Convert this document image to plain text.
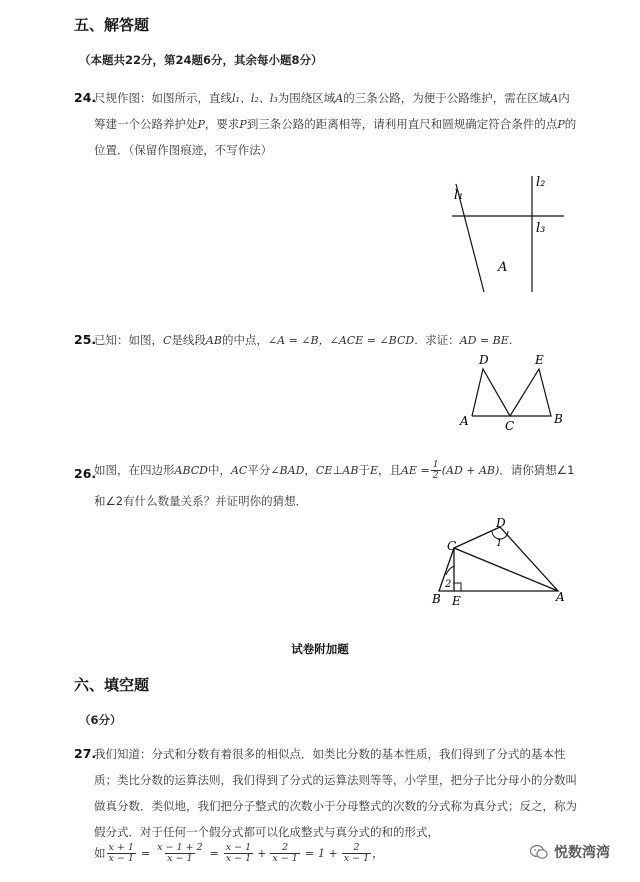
五、解答题
（本题共22分，第24题6分，其余每小题8分）
24.
尺规作图：如图所示，直线l₁、l₂、l₃为围绕区域A的三条公路，为便于公路维护，需在区域A内
筹建一个公路养护处P，要求P到三条公路的距离相等，请利用直尺和圆规确定符合条件的点P的
位置．（保留作图痕迹，不写作法）
l₁
l₂
l₃
A
25.
已知：如图，C是线段AB的中点，∠A = ∠B，∠ACE = ∠BCD．求证：AD = BE．
D	E
A	B
C
26.
如图，在四边形ABCD中，AC平分∠BAD，CE⊥AB于E，且AE = $\frac{1}{2} (AD + AB)$．请你猜想∠1
和∠2有什么数量关系？并证明你的猜想．
D
C
B E	A
1
2
试卷附加题
六、填空题
（6分）
27.
我们知道：分式和分数有着很多的相似点．如类比分数的基本性质，我们得到了分式的基本性
质；类比分数的运算法则，我们得到了分式的运算法则等等，小学里，把分子比分母小的分数叫
做真分数．类似地，我们把分子整式的次数小于分母整式的次数的分式称为真分式；反之，称为
假分式．对于任何一个假分式都可以化成整式与真分式的和的形式，
如 $\frac{x + 1}{x - 1} = \frac{x - 1 + 2}{x - 1} = \frac{x - 1}{x - 1} + \frac{2}{x - 1} = 1 + \frac{2}{x - 1}$ ，	悦数湾湾
